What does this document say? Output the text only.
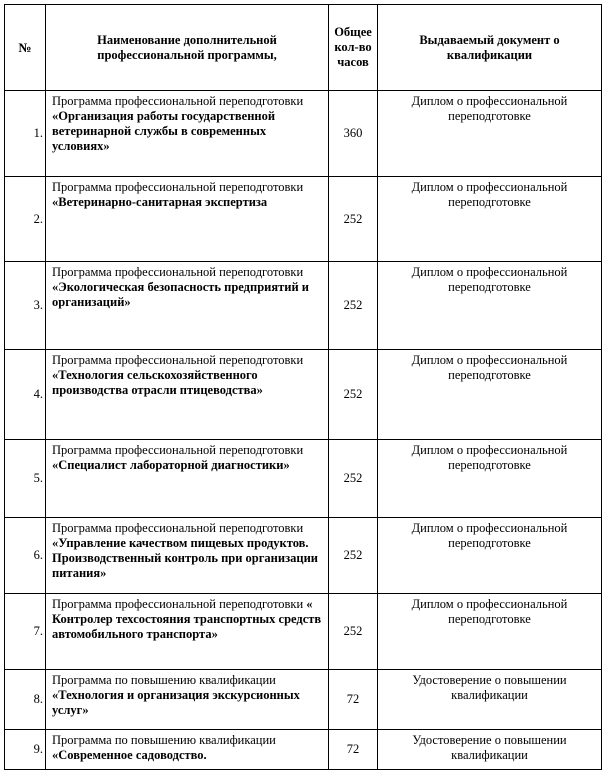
№	Наименование дополнительной профессиональной программы,	Общее кол-во часов	Выдаваемый документ о квалификации
1.	Программа профессиональной переподготовки «Организация работы государственной ветеринарной службы в современных условиях»	360	Диплом о профессиональной переподготовке
2.	Программа профессиональной переподготовки «Ветеринарно-санитарная экспертиза	252	Диплом о профессиональной переподготовке
3.	Программа профессиональной переподготовки «Экологическая безопасность предприятий и организаций»	252	Диплом о профессиональной переподготовке
4.	Программа профессиональной переподготовки «Технология сельскохозяйственного производства отрасли птицеводства»	252	Диплом о профессиональной переподготовке
5.	Программа профессиональной переподготовки «Специалист лабораторной диагностики»	252	Диплом о профессиональной переподготовке
6.	Программа профессиональной переподготовки «Управление качеством пищевых продуктов. Производственный контроль при организации питания»	252	Диплом о профессиональной переподготовке
7.	Программа профессиональной переподготовки « Контролер техсостояния транспортных средств автомобильного транспорта»	252	Диплом о профессиональной переподготовке
8.	Программа по повышению квалификации «Технология и организация экскурсионных услуг»	72	Удостоверение о повышении квалификации
9.	Программа по повышению квалификации «Современное садоводство.	72	Удостоверение о повышении квалификации
